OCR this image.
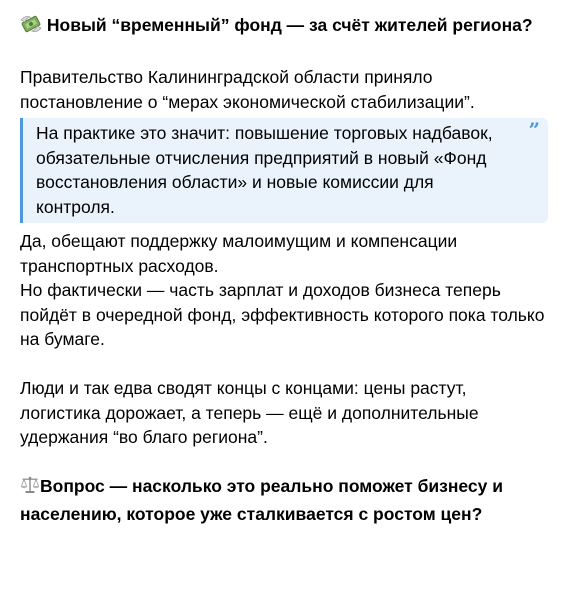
Новый “временный” фонд — за счёт жителей региона?

Правительство Калининградской области приняло постановление о “мерах экономической стабилизации”.

На практике это значит: повышение торговых надбавок, обязательные отчисления предприятий в новый «Фонд восстановления области» и новые комиссии для контроля.
”

Да, обещают поддержку малоимущим и компенсации транспортных расходов.

Но фактически — часть зарплат и доходов бизнеса теперь пойдёт в очередной фонд, эффективность которого пока только на бумаге.

Люди и так едва сводят концы с концами: цены растут, логистика дорожает, а теперь — ещё и дополнительные удержания “во благо региона”.

Вопрос — насколько это реально поможет бизнесу и населению, которое уже сталкивается с ростом цен?
